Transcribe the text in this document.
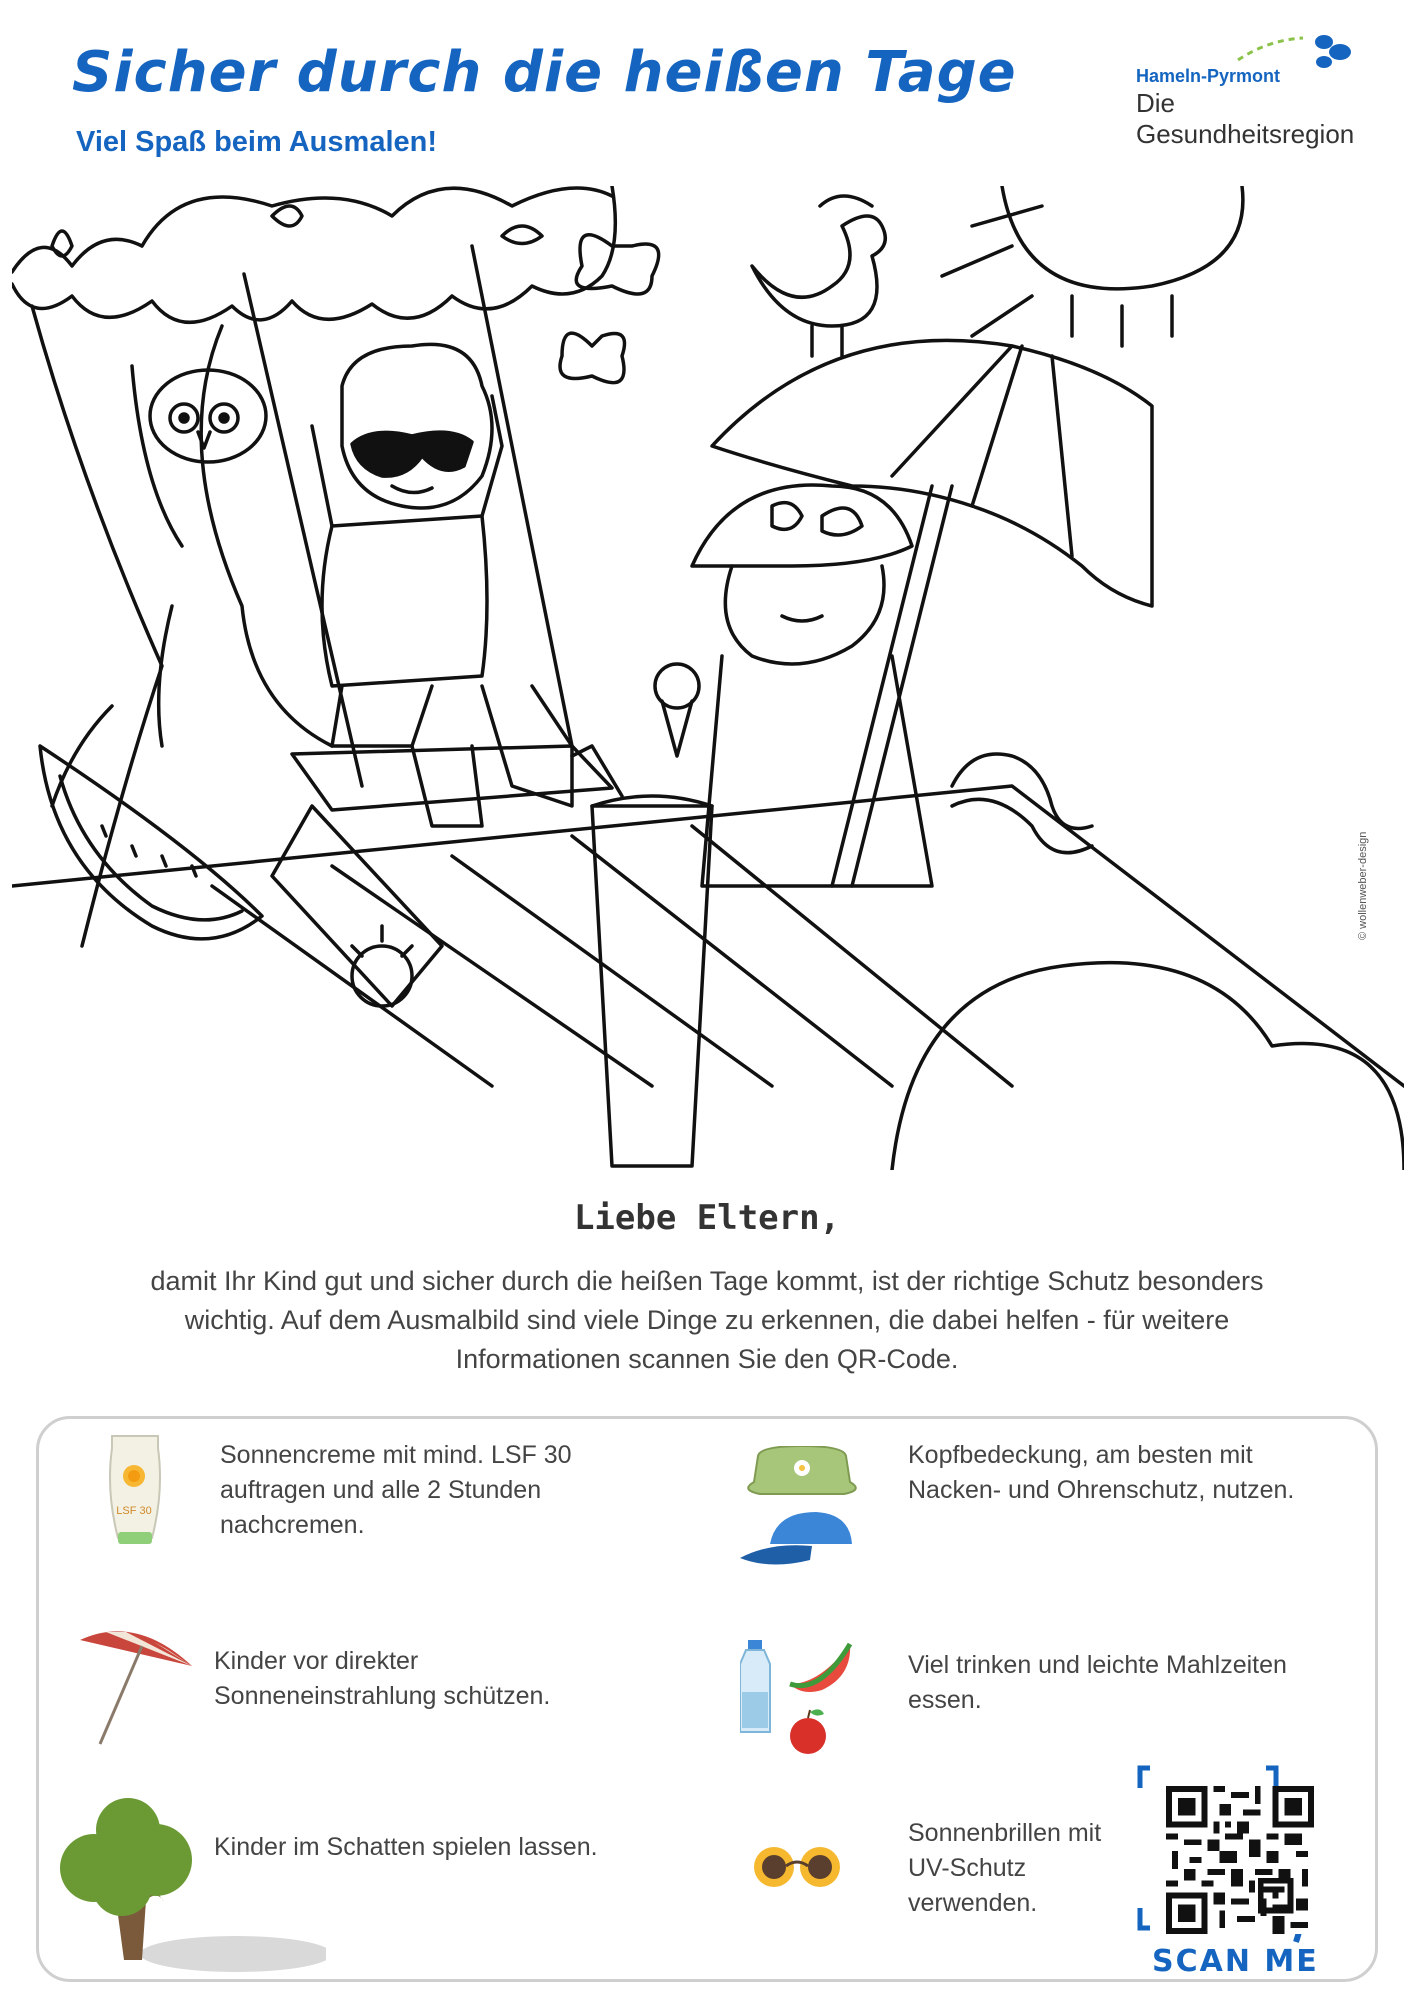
Sicher durch die heißen Tage
Viel Spaß beim Ausmalen!
Hameln-Pyrmont
Die Gesundheitsregion
© wollenweber-design
Liebe Eltern,
damit Ihr Kind gut und sicher durch die heißen Tage kommt, ist der richtige Schutz besonders
wichtig. Auf dem Ausmalbild sind viele Dinge zu erkennen, die dabei helfen - für weitere
Informationen scannen Sie den QR-Code.
LSF 30
Sonnencreme mit mind. LSF 30
auftragen und alle 2 Stunden
nachcremen.
Kopfbedeckung, am besten mit
Nacken- und Ohrenschutz, nutzen.
Kinder vor direkter
Sonneneinstrahlung schützen.
Viel trinken und leichte Mahlzeiten
essen.
Kinder im Schatten spielen lassen.	Sonnenbrillen mit
UV-Schutz
verwenden.
SCAN ME
